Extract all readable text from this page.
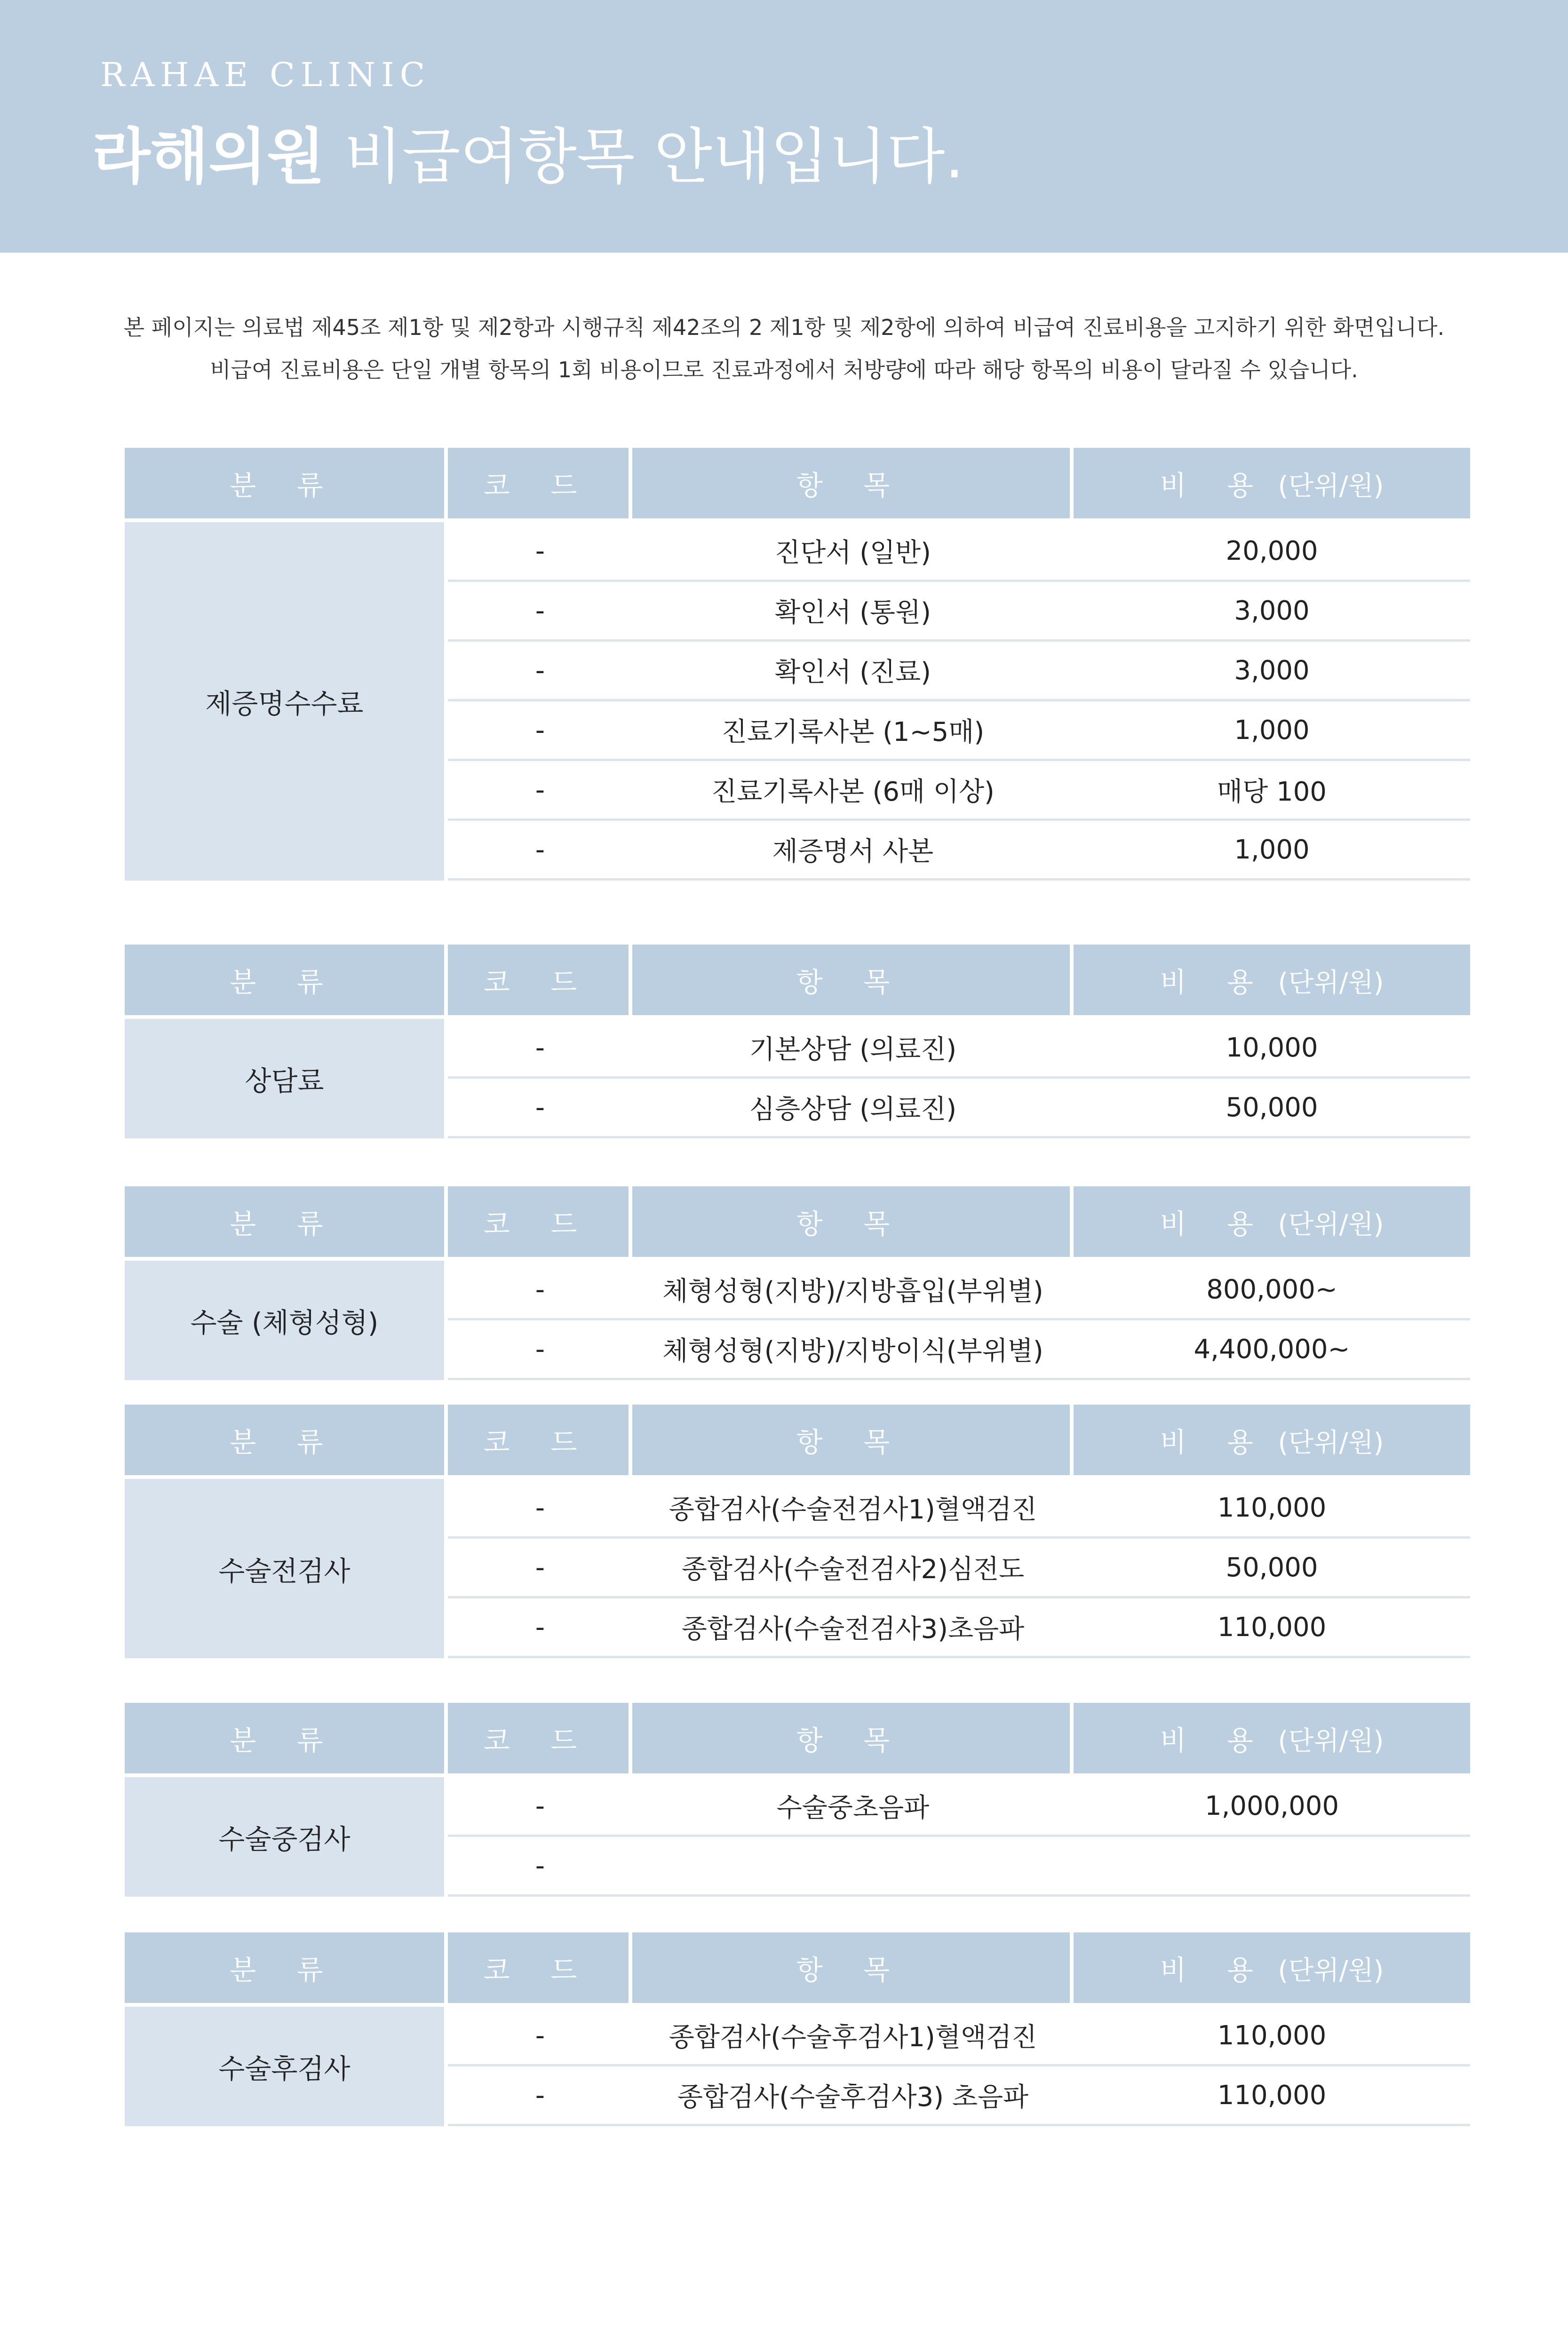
RAHAE CLINIC
라해의원 비급여항목 안내입니다.

본 페이지는 의료법 제45조 제1항 및 제2항과 시행규칙 제42조의 2 제1항 및 제2항에 의하여 비급여 진료비용을 고지하기 위한 화면입니다.

비급여 진료비용은 단일 개별 항목의 1회 비용이므로 진료과정에서 처방량에 따라 해당 항목의 비용이 달라질 수 있습니다.

분 류	코 드	항 목	비 용 (단위/원)

제증명수수료	-	진단서 (일반)	20,000
	-	확인서 (통원)	3,000
	-	확인서 (진료)	3,000
	-	진료기록사본 (1~5매)	1,000
	-	진료기록사본 (6매 이상)	매당 100
	-	제증명서 사본	1,000
분 류	코 드	항 목	비 용 (단위/원)

상담료	-	기본상담 (의료진)	10,000
	-	심층상담 (의료진)	50,000
분 류	코 드	항 목	비 용 (단위/원)

수술 (체형성형)	-	체형성형(지방)/지방흡입(부위별)	800,000~
	-	체형성형(지방)/지방이식(부위별)	4,400,000~
분 류	코 드	항 목	비 용 (단위/원)

수술전검사	-	종합검사(수술전검사1)혈액검진	110,000
	-	종합검사(수술전검사2)심전도	50,000
	-	종합검사(수술전검사3)초음파	110,000
분 류	코 드	항 목	비 용 (단위/원)

수술중검사	-	수술중초음파	1,000,000
	-		
분 류	코 드	항 목	비 용 (단위/원)

수술후검사	-	종합검사(수술후검사1)혈액검진	110,000
	-	종합검사(수술후검사3) 초음파	110,000
